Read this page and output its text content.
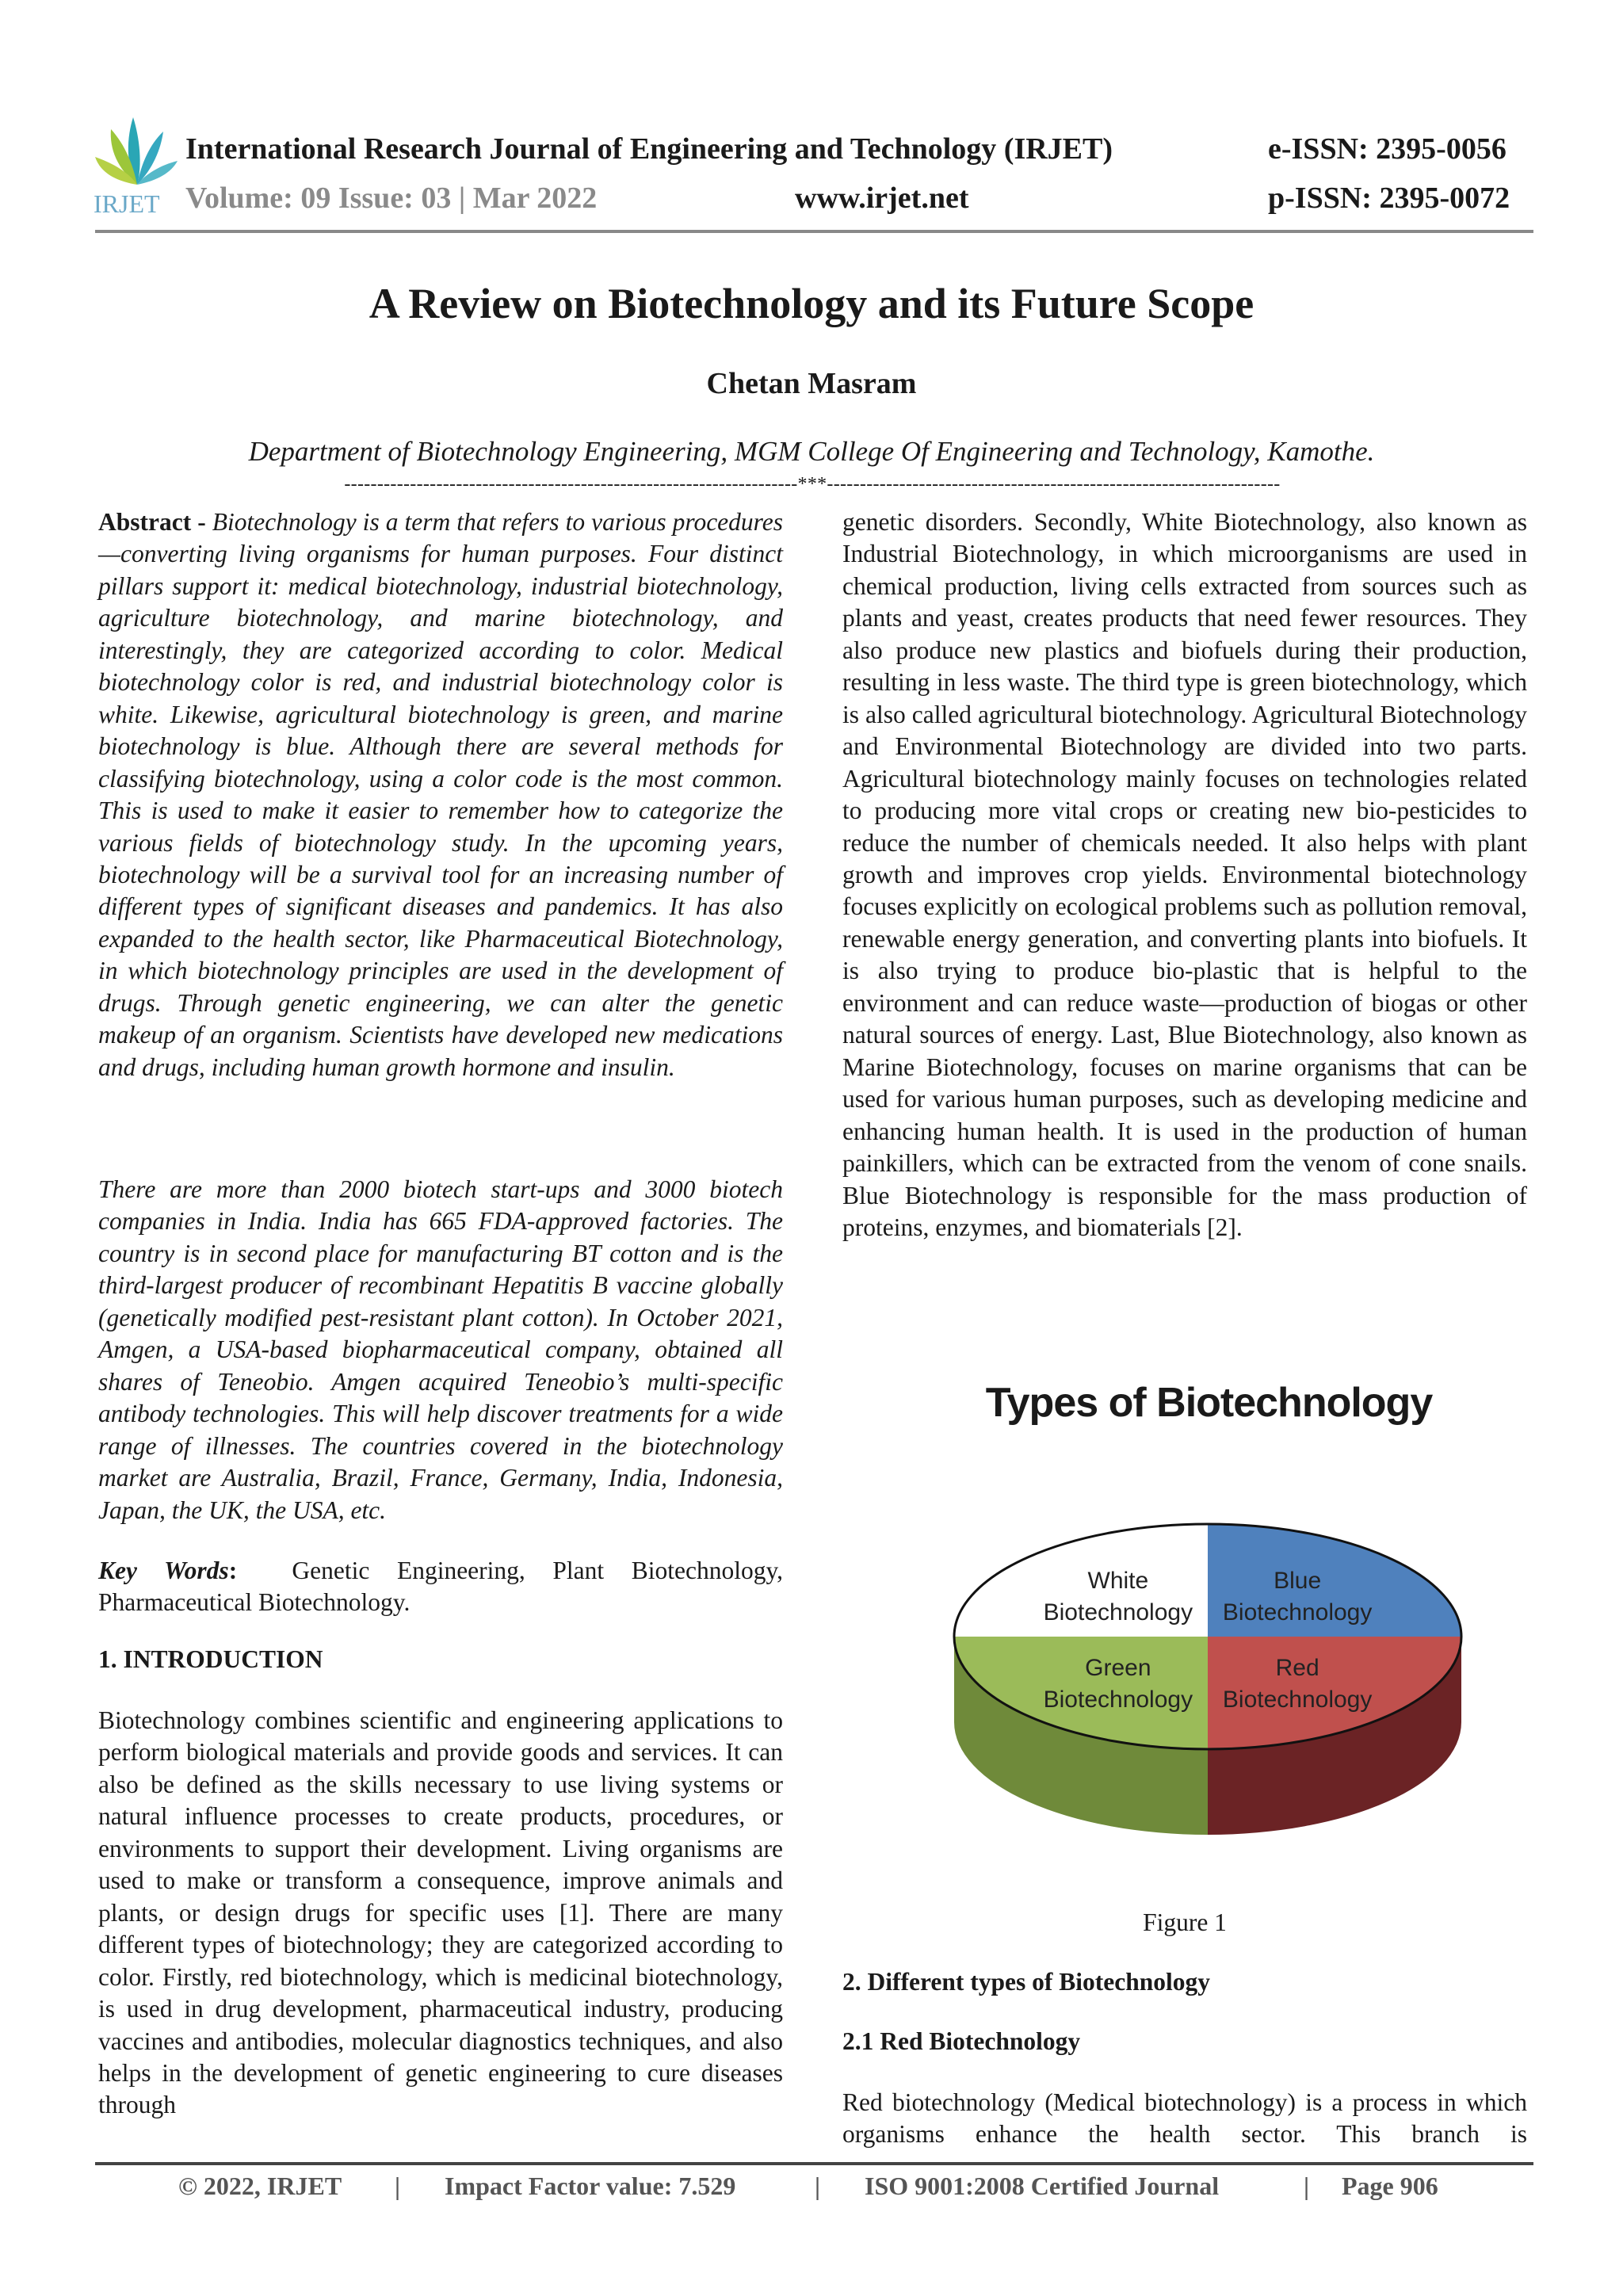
IRJET
International Research Journal of Engineering and Technology (IRJET)	e-ISSN: 2395-0056
Volume: 09 Issue: 03 | Mar 2022	www.irjet.net	p-ISSN: 2395-0072
A Review on Biotechnology and its Future Scope
Chetan Masram
Department of Biotechnology Engineering, MGM College Of Engineering and Technology, Kamothe.
---------------------------------------------------------------------***---------------------------------------------------------------------
Abstract - Biotechnology is a term that refers to various procedures—converting living organisms for human purposes. Four distinct pillars support it: medical biotechnology, industrial biotechnology, agriculture biotechnology, and marine biotechnology, and interestingly, they are categorized according to color. Medical biotechnology color is red, and industrial biotechnology color is white. Likewise, agricultural biotechnology is green, and marine biotechnology is blue. Although there are several methods for classifying biotechnology, using a color code is the most common. This is used to make it easier to remember how to categorize the various fields of biotechnology study. In the upcoming years, biotechnology will be a survival tool for an increasing number of different types of significant diseases and pandemics. It has also expanded to the health sector, like Pharmaceutical Biotechnology, in which biotechnology principles are used in the development of drugs. Through genetic engineering, we can alter the genetic makeup of an organism. Scientists have developed new medications and drugs, including human growth hormone and insulin.
There are more than 2000 biotech start-ups and 3000 biotech companies in India. India has 665 FDA-approved factories. The country is in second place for manufacturing BT cotton and is the third-largest producer of recombinant Hepatitis B vaccine globally (genetically modified pest-resistant plant cotton). In October 2021, Amgen, a USA-based biopharmaceutical company, obtained all shares of Teneobio. Amgen acquired Teneobio’s multi-specific antibody technologies. This will help discover treatments for a wide range of illnesses. The countries covered in the biotechnology market are Australia, Brazil, France, Germany, India, Indonesia, Japan, the UK, the USA, etc.
Key Words:  Genetic Engineering, Plant Biotechnology, Pharmaceutical Biotechnology.
1. INTRODUCTION
Biotechnology combines scientific and engineering applications to perform biological materials and provide goods and services. It can also be defined as the skills necessary to use living systems or natural influence processes to create products, procedures, or environments to support their development. Living organisms are used to make or transform a consequence, improve animals and plants, or design drugs for specific uses [1]. There are many different types of biotechnology; they are categorized according to color. Firstly, red biotechnology, which is medicinal biotechnology, is used in drug development, pharmaceutical industry, producing vaccines and antibodies, molecular diagnostics techniques, and also helps in the development of genetic engineering to cure diseases through
genetic disorders. Secondly, White Biotechnology, also known as Industrial Biotechnology, in which microorganisms are used in chemical production, living cells extracted from sources such as plants and yeast, creates products that need fewer resources. They also produce new plastics and biofuels during their production, resulting in less waste. The third type is green biotechnology, which is also called agricultural biotechnology. Agricultural Biotechnology and Environmental Biotechnology are divided into two parts. Agricultural biotechnology mainly focuses on technologies related to producing more vital crops or creating new bio-pesticides to reduce the number of chemicals needed. It also helps with plant growth and improves crop yields. Environmental biotechnology focuses explicitly on ecological problems such as pollution removal, renewable energy generation, and converting plants into biofuels. It is also trying to produce bio-plastic that is helpful to the environment and can reduce waste—production of biogas or other natural sources of energy. Last, Blue Biotechnology, also known as Marine Biotechnology, focuses on marine organisms that can be used for various human purposes, such as developing medicine and enhancing human health. It is used in the production of human painkillers, which can be extracted from the venom of cone snails. Blue Biotechnology is responsible for the mass production of proteins, enzymes, and biomaterials [2].
Types of Biotechnology
Blue
Biotechnology
Red
Biotechnology
Green
Biotechnology
White
Biotechnology
Figure 1
2. Different types of Biotechnology
2.1 Red Biotechnology
Red biotechnology (Medical biotechnology) is a process in which organisms enhance the health sector. This branch is
© 2022, IRJET | Impact Factor value: 7.529	| ISO 9001:2008 Certified Journal	| Page 906
